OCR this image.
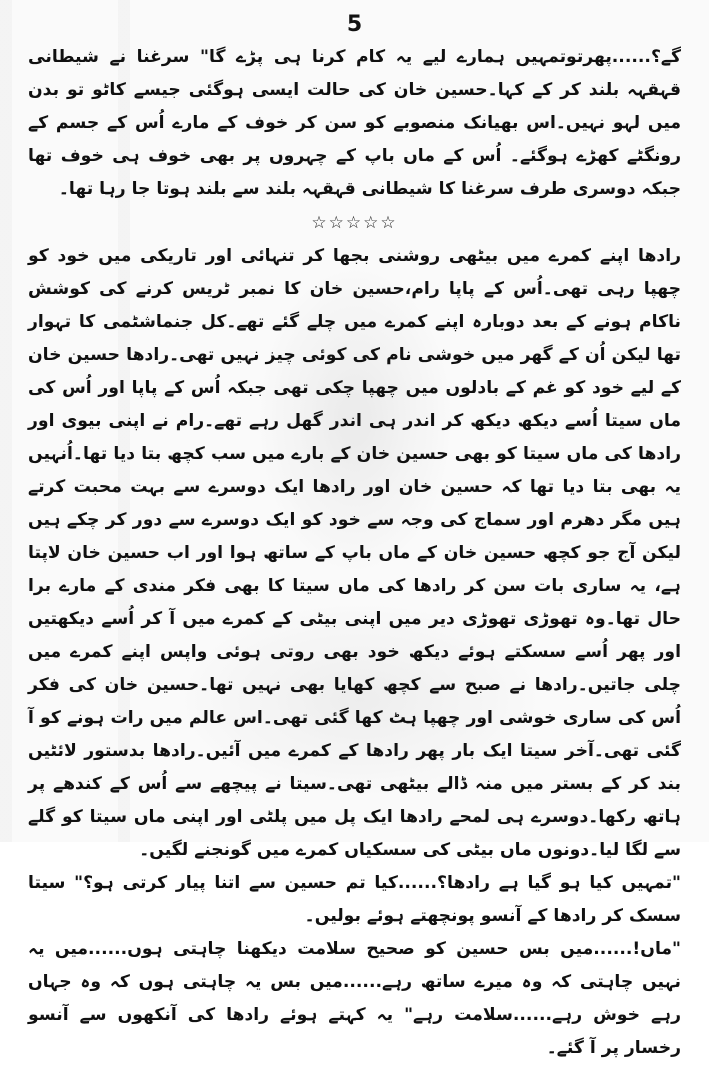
5

گے؟......پھرتوتمہیں ہمارے لیے یہ کام کرنا ہی پڑے گا" سرغنا نے شیطانی قہقہہ بلند کر کے کہا۔حسین خان کی حالت ایسی ہوگئی جیسے کاٹو تو بدن میں لہو نہیں۔اس بھیانک منصوبے کو سن کر خوف کے مارے اُس کے جسم کے رونگٹے کھڑے ہوگئے۔ اُس کے ماں باپ کے چہروں پر بھی خوف ہی خوف تھا جبکہ دوسری طرف سرغنا کا شیطانی قہقہہ بلند سے بلند ہوتا جا رہا تھا۔

☆☆☆☆☆

رادھا اپنے کمرے میں بیٹھی روشنی بجھا کر تنہائی اور تاریکی میں خود کو چھپا رہی تھی۔اُس کے پاپا رام،حسین خان کا نمبر ٹریس کرنے کی کوشش ناکام ہونے کے بعد دوبارہ اپنے کمرے میں چلے گئے تھے۔کل جنماشٹمی کا تہوار تھا لیکن اُن کے گھر میں خوشی نام کی کوئی چیز نہیں تھی۔رادھا حسین خان کے لیے خود کو غم کے بادلوں میں چھپا چکی تھی جبکہ اُس کے پاپا اور اُس کی ماں سیتا اُسے دیکھ دیکھ کر اندر ہی اندر گھل رہے تھے۔رام نے اپنی بیوی اور رادھا کی ماں سیتا کو بھی حسین خان کے بارے میں سب کچھ بتا دیا تھا۔اُنہیں یہ بھی بتا دیا تھا کہ حسین خان اور رادھا ایک دوسرے سے بہت محبت کرتے ہیں مگر دھرم اور سماج کی وجہ سے خود کو ایک دوسرے سے دور کر چکے ہیں لیکن آج جو کچھ حسین خان کے ماں باپ کے ساتھ ہوا اور اب حسین خان لاپتا ہے، یہ ساری بات سن کر رادھا کی ماں سیتا کا بھی فکر مندی کے مارے برا حال تھا۔وہ تھوڑی تھوڑی دیر میں اپنی بیٹی کے کمرے میں آ کر اُسے دیکھتیں اور پھر اُسے سسکتے ہوئے دیکھ خود بھی روتی ہوئی واپس اپنے کمرے میں چلی جاتیں۔رادھا نے صبح سے کچھ کھایا بھی نہیں تھا۔حسین خان کی فکر اُس کی ساری خوشی اور چھپا ہٹ کھا گئی تھی۔اس عالم میں رات ہونے کو آ گئی تھی۔آخر سیتا ایک بار پھر رادھا کے کمرے میں آئیں۔رادھا بدستور لائٹیں بند کر کے بستر میں منہ ڈالے بیٹھی تھی۔سیتا نے پیچھے سے اُس کے کندھے پر ہاتھ رکھا۔دوسرے ہی لمحے رادھا ایک پل میں پلٹی اور اپنی ماں سیتا کو گلے سے لگا لیا۔دونوں ماں بیٹی کی سسکیاں کمرے میں گونجنے لگیں۔

"تمہیں کیا ہو گیا ہے رادھا؟......کیا تم حسین سے اتنا پیار کرتی ہو؟" سیتا سسک کر رادھا کے آنسو پونچھتے ہوئے بولیں۔

"ماں!......میں بس حسین کو صحیح سلامت دیکھنا چاہتی ہوں......میں یہ نہیں چاہتی کہ وہ میرے ساتھ رہے......میں بس یہ چاہتی ہوں کہ وہ جہاں رہے خوش رہے......سلامت رہے" یہ کہتے ہوئے رادھا کی آنکھوں سے آنسو رخسار پر آ گئے۔
